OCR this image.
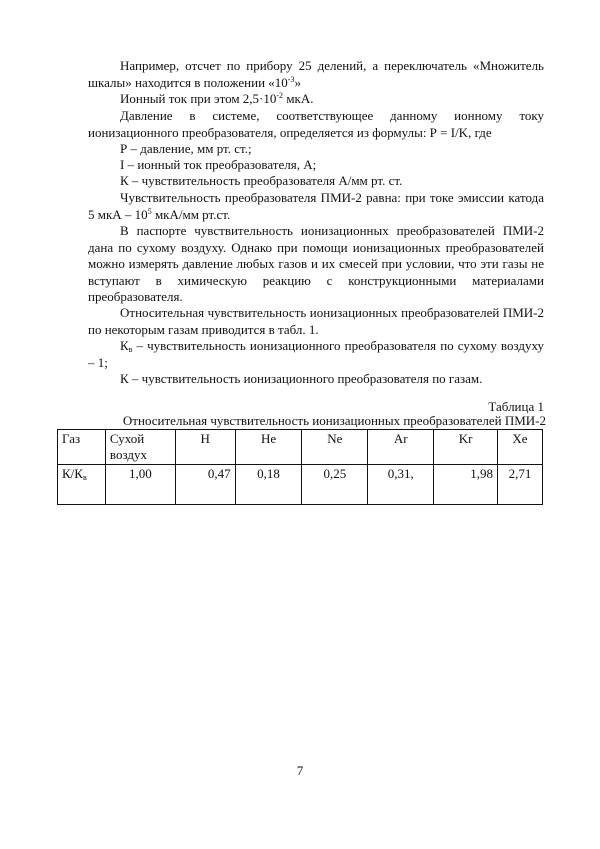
Например, отсчет по прибору 25 делений, а переключатель «Множитель шкалы» находится в положении «$10^{-3}$»

Ионный ток при этом $2,5\cdot 10^{-2}$ мкА.

Давление в системе, соответствующее данному ионному току ионизационного преобразователя, определяется из формулы: Р = I/K, где

Р – давление, мм рт. ст.;

I – ионный ток преобразователя, А;

К – чувствительность преобразователя А/мм рт. ст.

Чувствительность преобразователя ПМИ-2 равна: при токе эмиссии катода 5 мкА – $10^5$ мкА/мм рт.ст.

В паспорте чувствительность ионизационных преобразователей ПМИ-2 дана по сухому воздуху. Однако при помощи ионизационных преобразователей можно измерять давление любых газов и их смесей при условии, что эти газы не вступают в химическую реакцию с конструкционными материалами преобразователя.

Относительная чувствительность ионизационных преобразователей ПМИ-2 по некоторым газам приводится в табл. 1.

$К_в$ – чувствительность ионизационного преобразователя по сухому воздуху – 1;

К – чувствительность ионизационного преобразователя по газам.

Таблица 1
Относительная чувствительность ионизационных преобразователей ПМИ-2
Газ	Сухой воздух	H	He	Ne	Ar	Kr	Xe
$К/К_в$	1,00	0,47	0,18	0,25	0,31,	1,98	2,71
7
